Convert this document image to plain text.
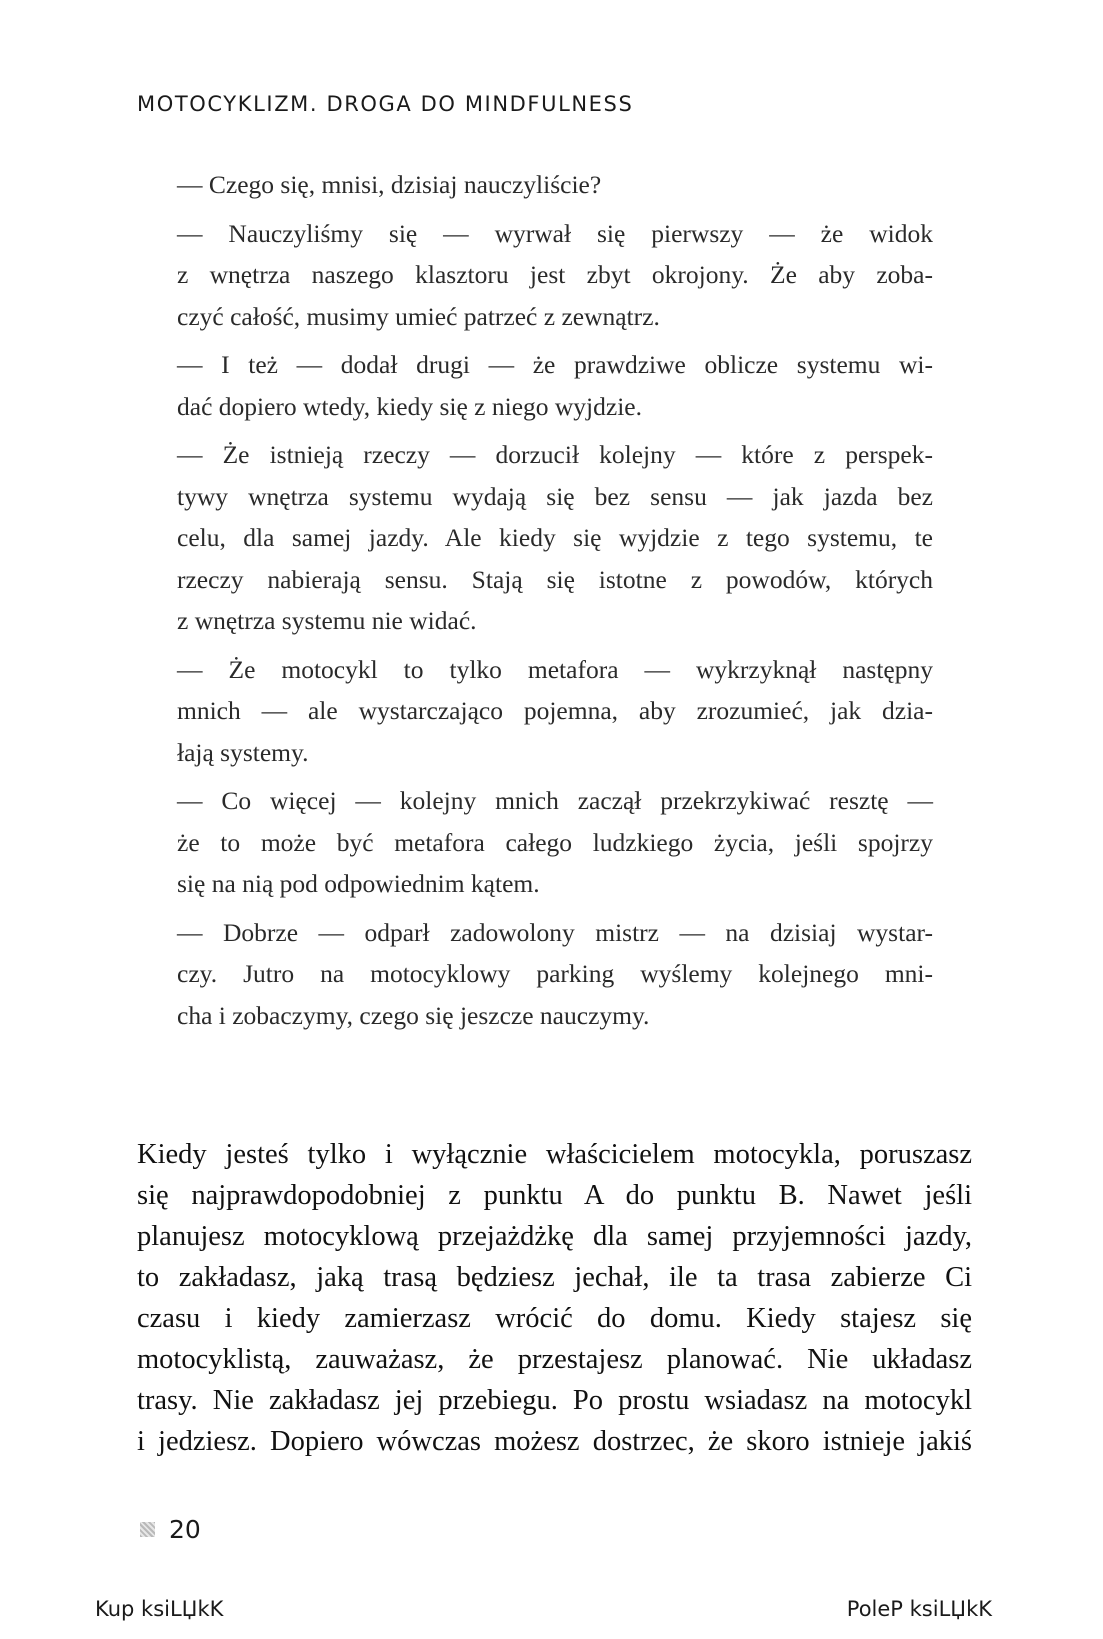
MOTOCYKLIZM. DROGA DO MINDFULNESS

— Czego się, mnisi, dzisiaj nauczyliście?

— Nauczyliśmy się — wyrwał się pierwszy — że widok
z wnętrza naszego klasztoru jest zbyt okrojony. Że aby zoba-
czyć całość, musimy umieć patrzeć z zewnątrz.

— I też — dodał drugi — że prawdziwe oblicze systemu wi-
dać dopiero wtedy, kiedy się z niego wyjdzie.

— Że istnieją rzeczy — dorzucił kolejny — które z perspek-
tywy wnętrza systemu wydają się bez sensu — jak jazda bez
celu, dla samej jazdy. Ale kiedy się wyjdzie z tego systemu, te
rzeczy nabierają sensu. Stają się istotne z powodów, których
z wnętrza systemu nie widać.

— Że motocykl to tylko metafora — wykrzyknął następny
mnich — ale wystarczająco pojemna, aby zrozumieć, jak dzia-
łają systemy.

— Co więcej — kolejny mnich zaczął przekrzykiwać resztę —
że to może być metafora całego ludzkiego życia, jeśli spojrzy
się na nią pod odpowiednim kątem.

— Dobrze — odparł zadowolony mistrz — na dzisiaj wystar-
czy. Jutro na motocyklowy parking wyślemy kolejnego mni-
cha i zobaczymy, czego się jeszcze nauczymy.

Kiedy jesteś tylko i wyłącznie właścicielem motocykla, poruszasz
się najprawdopodobniej z punktu A do punktu B. Nawet jeśli
planujesz motocyklową przejażdżkę dla samej przyjemności jazdy,
to zakładasz, jaką trasą będziesz jechał, ile ta trasa zabierze Ci
czasu i kiedy zamierzasz wrócić do domu. Kiedy stajesz się
motocyklistą, zauważasz, że przestajesz planować. Nie układasz
trasy. Nie zakładasz jej przebiegu. Po prostu wsiadasz na motocykl
i jedziesz. Dopiero wówczas możesz dostrzec, że skoro istnieje jakiś
20
Kup ksiLЏkK	PoleP ksiLЏkK
